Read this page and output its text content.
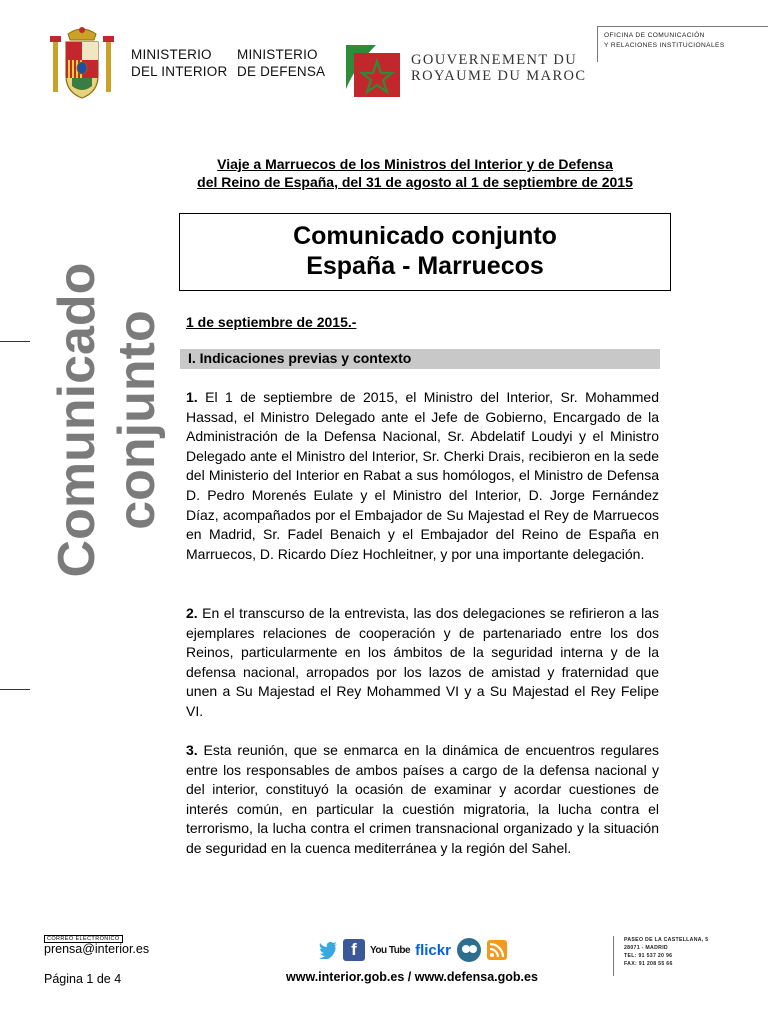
MINISTERIO
DEL INTERIOR
MINISTERIO
DE DEFENSA
GOUVERNEMENT DU
ROYAUME DU MAROC
OFICINA DE COMUNICACIÓN
Y RELACIONES INSTITUCIONALES
Comunicado conjunto
Viaje a Marruecos de los Ministros del Interior y de Defensa
del Reino de España, del 31 de agosto al 1 de septiembre de 2015
Comunicado conjunto
España - Marruecos
1 de septiembre de 2015.-
I. Indicaciones previas y contexto
1. El 1 de septiembre de 2015, el Ministro del Interior, Sr. Mohammed Hassad, el Ministro Delegado ante el Jefe de Gobierno, Encargado de la Administración de la Defensa Nacional, Sr. Abdelatif Loudyi y el Ministro Delegado ante el Ministro del Interior, Sr. Cherki Drais, recibieron en la sede del Ministerio del Interior en Rabat a sus homólogos, el Ministro de Defensa D. Pedro Morenés Eulate y el Ministro del Interior, D. Jorge Fernández Díaz, acompañados por el Embajador de Su Majestad el Rey de Marruecos en Madrid, Sr. Fadel Benaich y el Embajador del Reino de España en Marruecos, D. Ricardo Díez Hochleitner, y por una importante delegación.
2. En el transcurso de la entrevista, las dos delegaciones se refirieron a las ejemplares relaciones de cooperación y de partenariado entre los dos Reinos, particularmente en los ámbitos de la seguridad interna y de la defensa nacional, arropados por los lazos de amistad y fraternidad que unen a Su Majestad el Rey Mohammed VI y a Su Majestad el Rey Felipe VI.
3. Esta reunión, que se enmarca en la dinámica de encuentros regulares entre los responsables de ambos países a cargo de la defensa nacional y del interior, constituyó la ocasión de examinar y acordar cuestiones de interés común, en particular la cuestión migratoria, la lucha contra el terrorismo, la lucha contra el crimen transnacional organizado y la situación de seguridad en la cuenca mediterránea y la región del Sahel.
CORREO ELECTRÓNICO
prensa@interior.es
Página 1 de 4
f	You Tube flickr
www.interior.gob.es / www.defensa.gob.es
PASEO DE LA CASTELLANA, 5
28071 - MADRID
TEL: 91 537 20 96
FAX: 91 208 55 66
